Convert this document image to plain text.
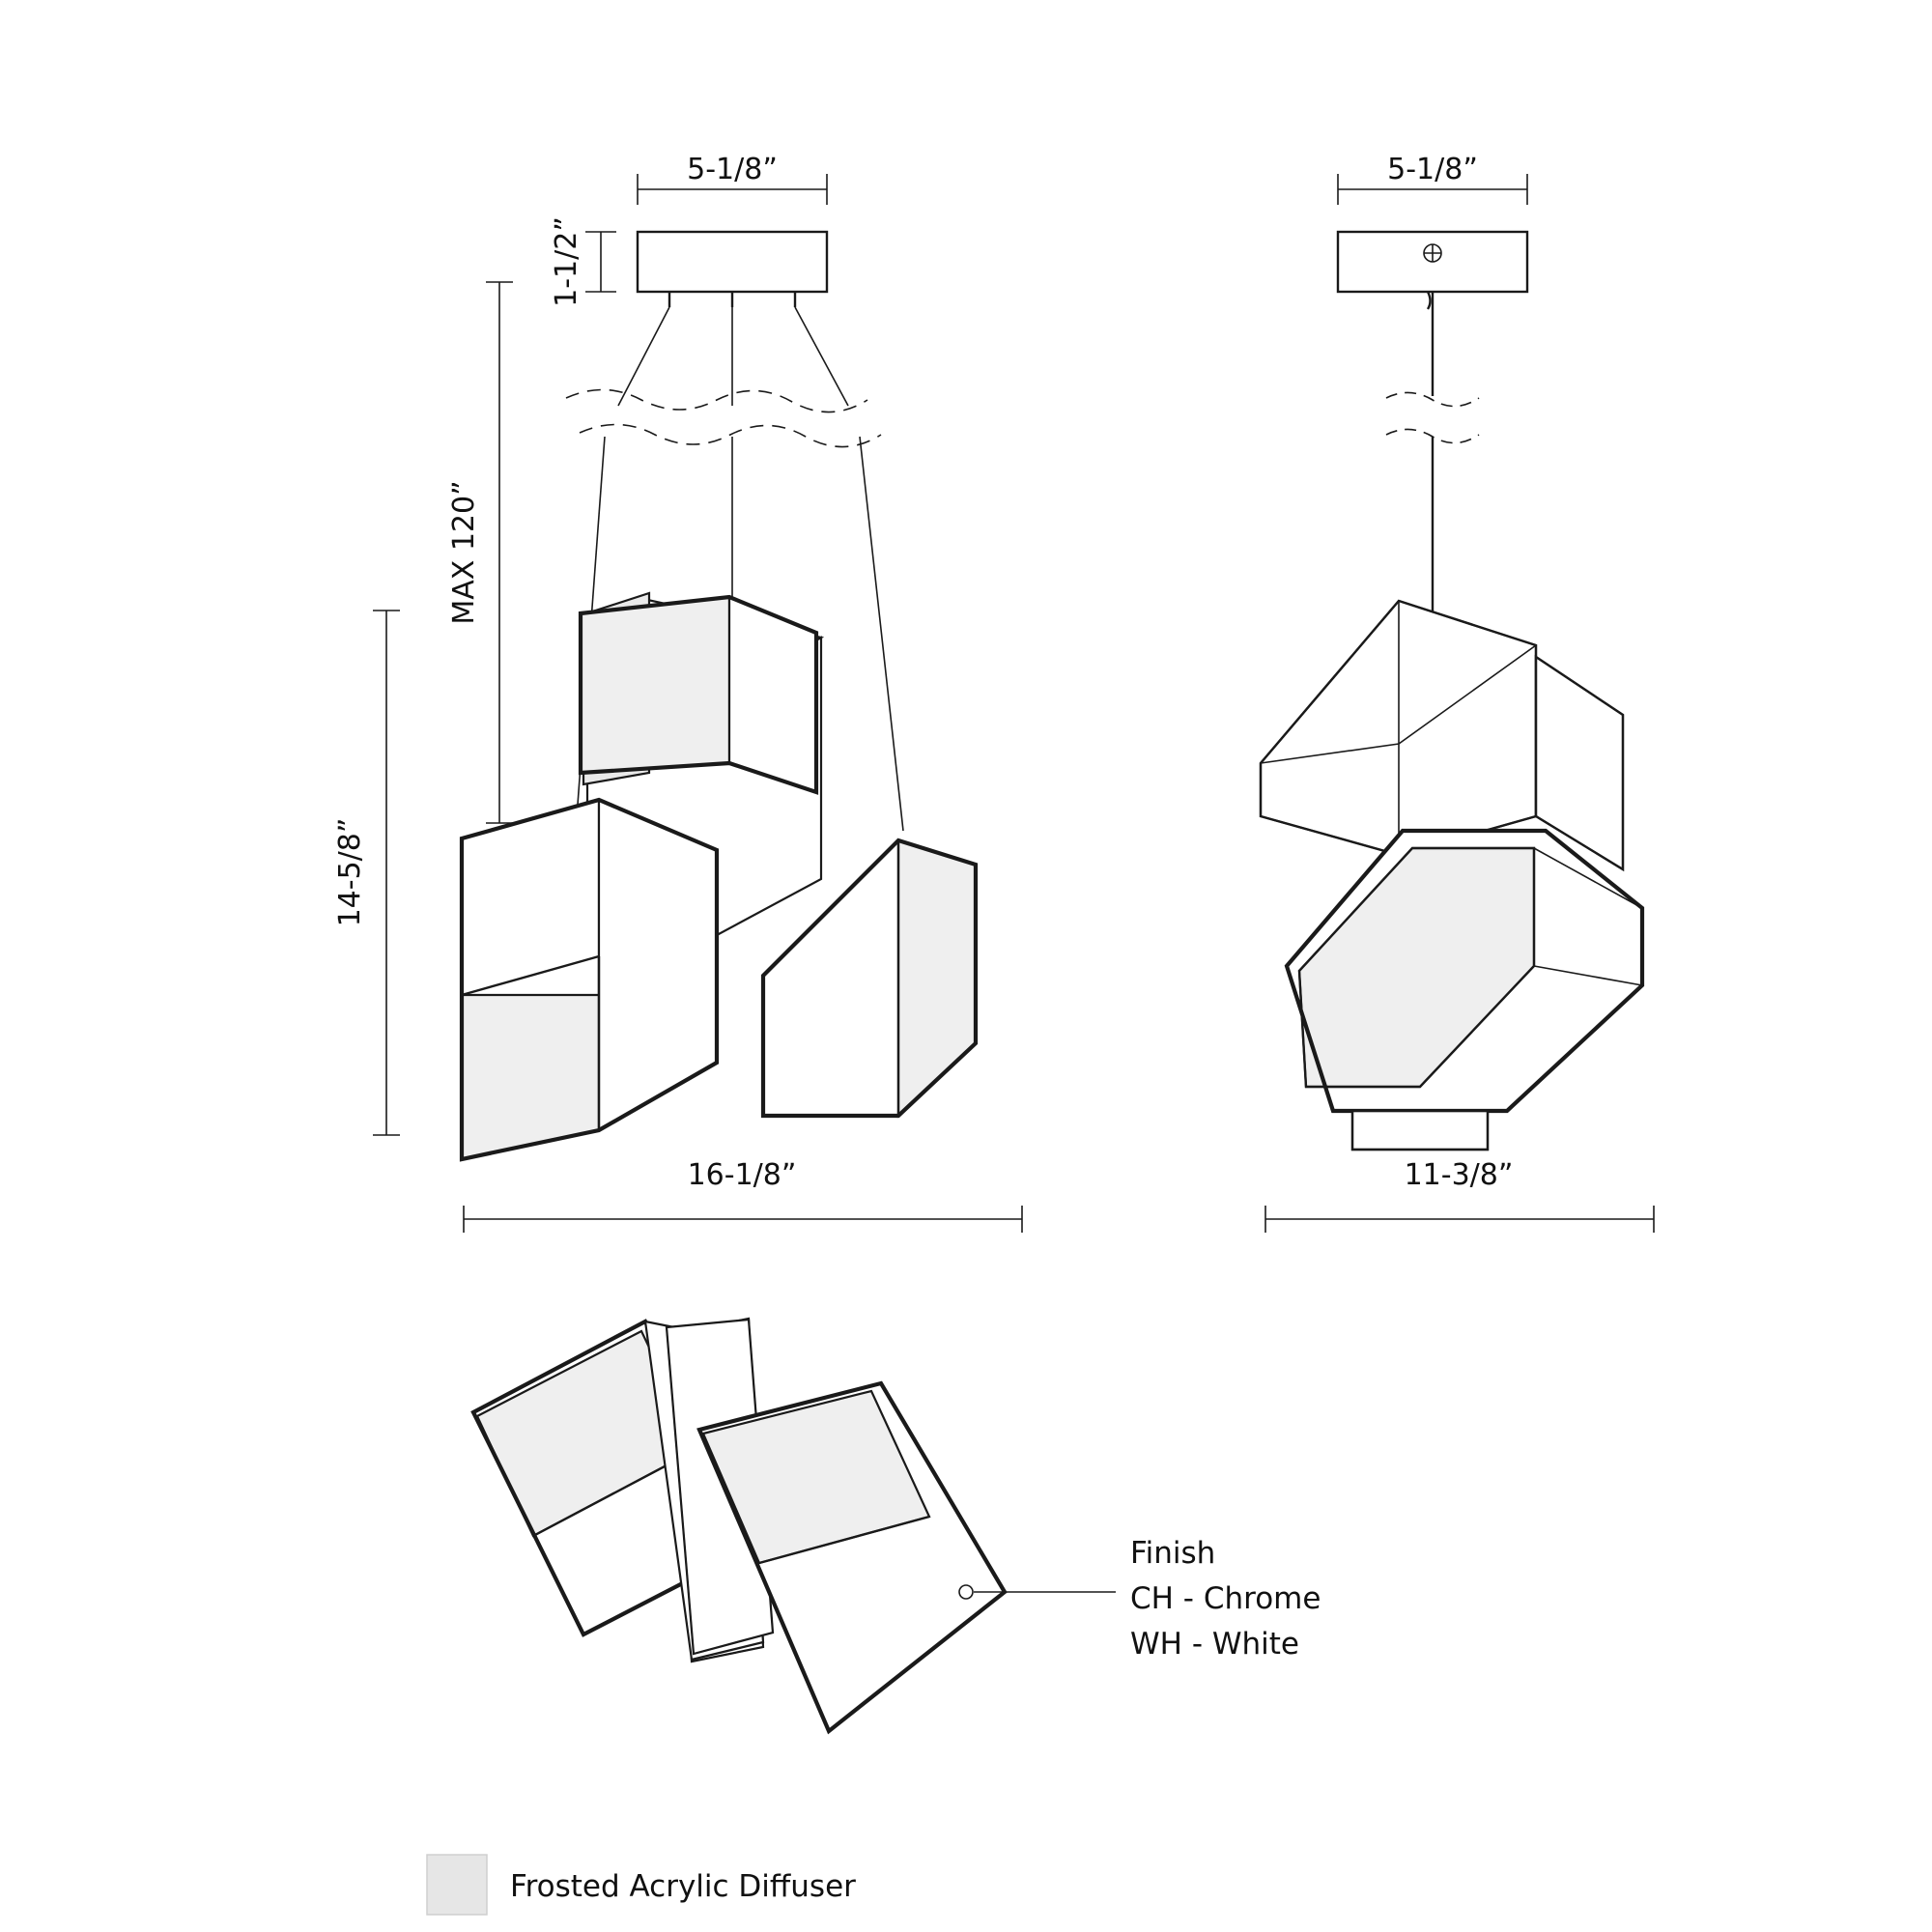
5-1/8”
1-1/2”
MAX 120”
14-5/8”
16-1/8”
5-1/8”
11-3/8”
Finish
CH - Chrome
WH - White
Frosted Acrylic Diffuser
